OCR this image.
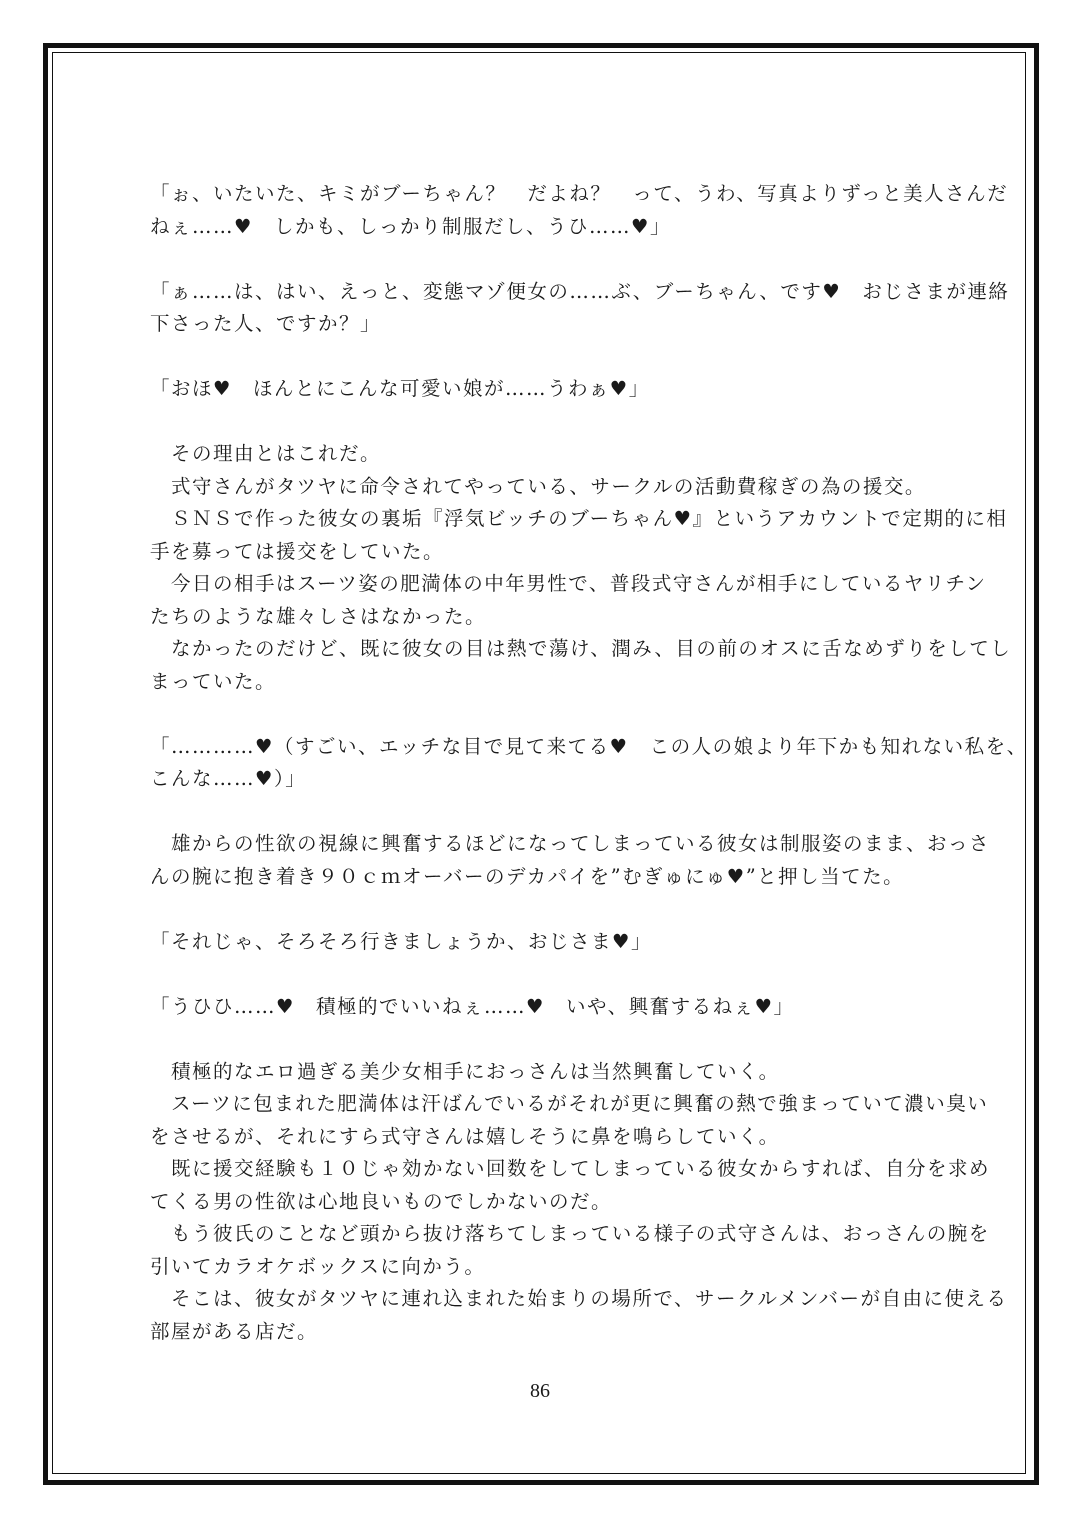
「ぉ、いたいた、キミがブーちゃん？　だよね？　って、うわ、写真よりずっと美人さんだ
ねぇ……♥　しかも、しっかり制服だし、うひ……♥」
「ぁ……は、はい、えっと、変態マゾ便女の……ぶ、ブーちゃん、です♥　おじさまが連絡
下さった人、ですか？」
「おほ♥　ほんとにこんな可愛い娘が……うわぁ♥」
　その理由とはこれだ。
　式守さんがタツヤに命令されてやっている、サークルの活動費稼ぎの為の援交。
　ＳＮＳで作った彼女の裏垢『浮気ビッチのブーちゃん♥』というアカウントで定期的に相
手を募っては援交をしていた。
　今日の相手はスーツ姿の肥満体の中年男性で、普段式守さんが相手にしているヤリチン
たちのような雄々しさはなかった。
　なかったのだけど、既に彼女の目は熱で蕩け、潤み、目の前のオスに舌なめずりをしてし
まっていた。
「…………♥（すごい、エッチな目で見て来てる♥　この人の娘より年下かも知れない私を、
こんな……♥）」
　雄からの性欲の視線に興奮するほどになってしまっている彼女は制服姿のまま、おっさ
んの腕に抱き着き９０ｃｍオーバーのデカパイを”むぎゅにゅ♥”と押し当てた。
「それじゃ、そろそろ行きましょうか、おじさま♥」
「うひひ……♥　積極的でいいねぇ……♥　いや、興奮するねぇ♥」
　積極的なエロ過ぎる美少女相手におっさんは当然興奮していく。
　スーツに包まれた肥満体は汗ばんでいるがそれが更に興奮の熱で強まっていて濃い臭い
をさせるが、それにすら式守さんは嬉しそうに鼻を鳴らしていく。
　既に援交経験も１０じゃ効かない回数をしてしまっている彼女からすれば、自分を求め
てくる男の性欲は心地良いものでしかないのだ。
　もう彼氏のことなど頭から抜け落ちてしまっている様子の式守さんは、おっさんの腕を
引いてカラオケボックスに向かう。
　そこは、彼女がタツヤに連れ込まれた始まりの場所で、サークルメンバーが自由に使える
部屋がある店だ。
86
